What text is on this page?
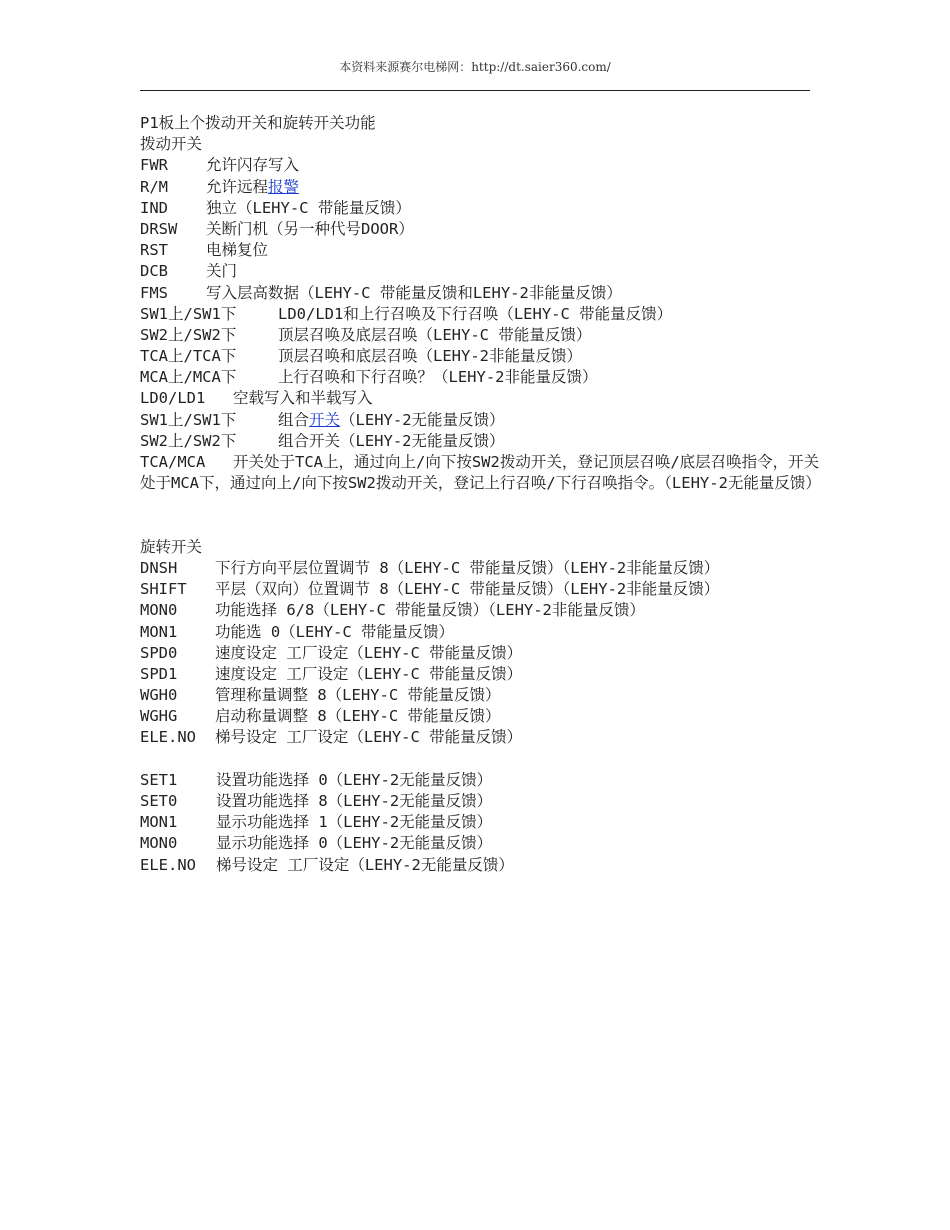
本资料来源赛尔电梯网：http://dt.saier360.com/
P1板上个拨动开关和旋转开关功能
拨动开关
FWR 允许闪存写入
R/M 允许远程报警
IND 独立（LEHY-C 带能量反馈）
DRSW 关断门机（另一种代号DOOR）
RST 电梯复位
DCB 关门
FMS 写入层高数据（LEHY-C 带能量反馈和LEHY-2非能量反馈）
SW1上/SW1下	LD0/LD1和上行召唤及下行召唤（LEHY-C 带能量反馈）
SW2上/SW2下	顶层召唤及底层召唤（LEHY-C 带能量反馈）
TCA上/TCA下	顶层召唤和底层召唤（LEHY-2非能量反馈）
MCA上/MCA下	上行召唤和下行召唤？（LEHY-2非能量反馈）
LD0/LD1 空载写入和半载写入
SW1上/SW1下	组合开关（LEHY-2无能量反馈）
SW2上/SW2下	组合开关（LEHY-2无能量反馈）
TCA/MCA 开关处于TCA上，通过向上/向下按SW2拨动开关，登记顶层召唤/底层召唤指令，开关处于MCA下，通过向上/向下按SW2拨动开关，登记上行召唤/下行召唤指令。（LEHY-2无能量反馈）
旋转开关
DNSH 下行方向平层位置调节 8（LEHY-C 带能量反馈）（LEHY-2非能量反馈）
SHIFT 平层（双向）位置调节 8（LEHY-C 带能量反馈）（LEHY-2非能量反馈）
MON0 功能选择 6/8（LEHY-C 带能量反馈）（LEHY-2非能量反馈）
MON1 功能选 0（LEHY-C 带能量反馈）
SPD0 速度设定 工厂设定（LEHY-C 带能量反馈）
SPD1 速度设定 工厂设定（LEHY-C 带能量反馈）
WGH0 管理称量调整 8（LEHY-C 带能量反馈）
WGHG 启动称量调整 8（LEHY-C 带能量反馈）
ELE.NO 梯号设定 工厂设定（LEHY-C 带能量反馈）
SET1 设置功能选择 0（LEHY-2无能量反馈）
SET0 设置功能选择 8（LEHY-2无能量反馈）
MON1 显示功能选择 1（LEHY-2无能量反馈）
MON0 显示功能选择 0（LEHY-2无能量反馈）
ELE.NO 梯号设定 工厂设定（LEHY-2无能量反馈）
